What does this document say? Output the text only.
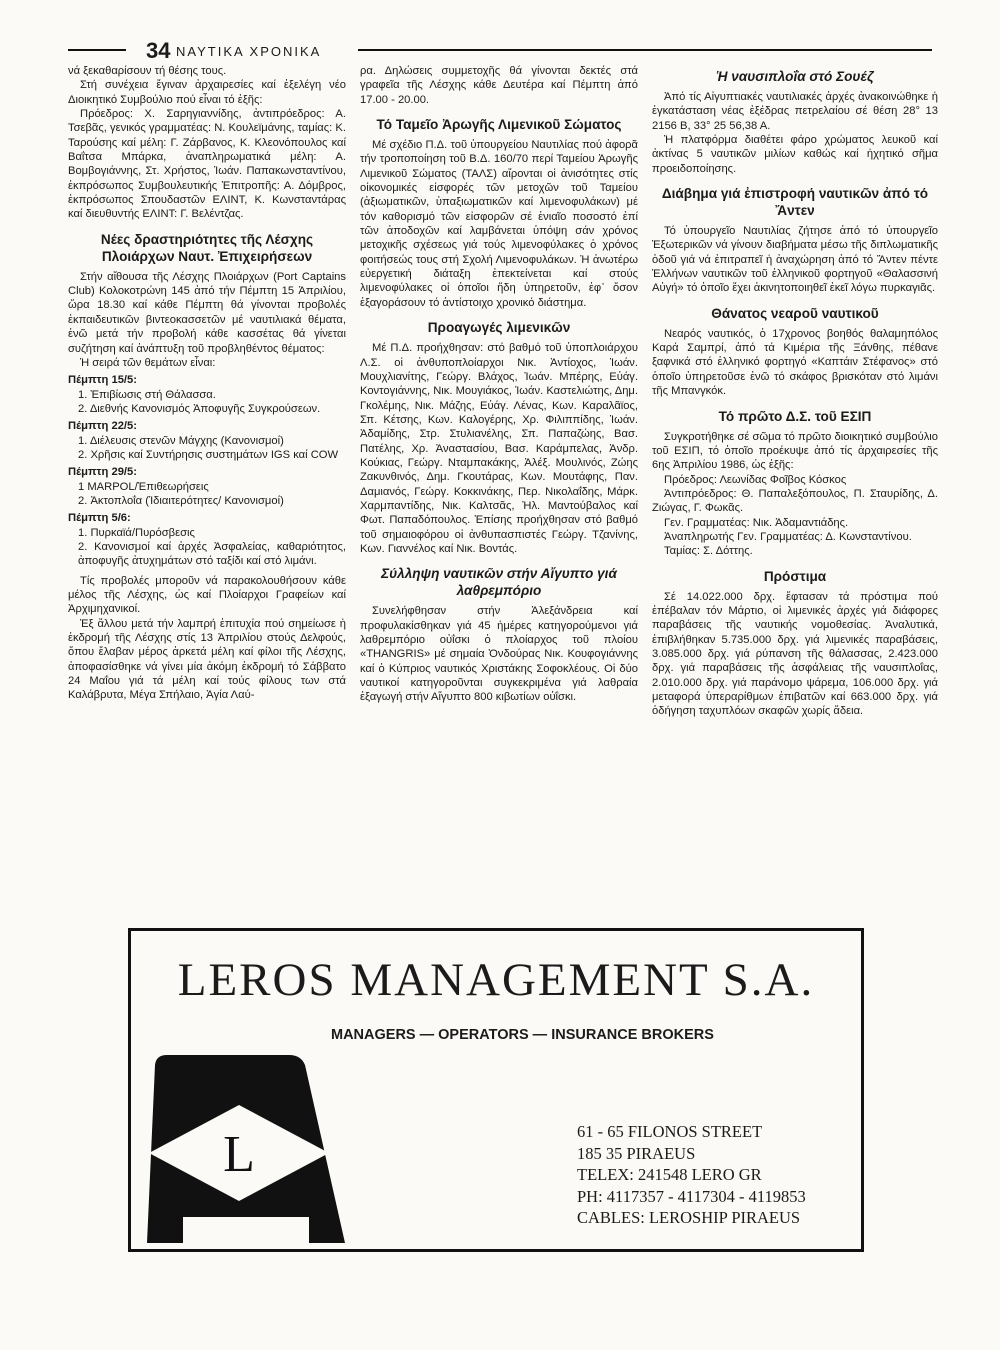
34 ΝΑΥΤΙΚΑ ΧΡΟΝΙΚΑ

νά ξεκαθαρίσουν τή θέσης τους.

Στή συνέχεια ἔγιναν ἀρχαιρεσίες καί ἐξελέγη νέο Διοικητικό Συμβούλιο πού εἶναι τό ἑξῆς:

Πρόεδρος: Χ. Σαρηγιαννίδης, ἀντιπρόεδρος: Α. Τσεβᾶς, γενικός γραμματέας: Ν. Κουλεϊμάνης, ταμίας: Κ. Ταρούσης καί μέλη: Γ. Ζάρβανος, Κ. Κλεονόπουλος καί Βαΐτσα Μπάρκα, ἀναπληρωματικά μέλη: Α. Βομβογιάννης, Στ. Χρήστος, Ἰωάν. Παπακωνσταντίνου, ἐκπρόσωπος Συμβουλευτικής Ἐπιτροπῆς: Α. Δόμβρος, ἐκπρόσωπος Σπουδαστῶν ΕΛΙΝΤ, Κ. Κωνσταντάρας καί διευθυντής ΕΛΙΝΤ: Γ. Βελέντζας.

Νέες δραστηριότητες τῆς Λέσχης Πλοιάρχων Ναυτ. Ἐπιχειρήσεων

Στήν αἴθουσα τῆς Λέσχης Πλοιάρχων (Port Captains Club) Κολοκοτρώνη 145 ἀπό τήν Πέμπτη 15 Ἀπριλίου, ὥρα 18.30 καί κάθε Πέμπτη θά γίνονται προβολές ἐκπαιδευτικῶν βιντεοκασσετῶν μέ ναυτιλιακά θέματα, ἐνῶ μετά τήν προβολή κάθε κασσέτας θά γίνεται συζήτηση καί ἀνάπτυξη τοῦ προβληθέντος θέματος:

Ἡ σειρά τῶν θεμάτων εἶναι:

Πέμπτη 15/5:

1. Ἐπιβίωσις στή Θάλασσα.

2. Διεθνής Κανονισμός Ἀποφυγῆς Συγκρούσεων.

Πέμπτη 22/5:

1. Διέλευσις στενῶν Μάγχης (Κανονισμοί)

2. Χρῆσις καί Συντήρησις συστημάτων IGS καί COW

Πέμπτη 29/5:

1 MARPOL/Ἐπιθεωρήσεις

2. Ἀκτοπλοΐα (Ἰδιαιτερότητες/ Κανονισμοί)

Πέμπτη 5/6:

1. Πυρκαϊά/Πυρόσβεσις

2. Κανονισμοί καί ἀρχές Ἀσφαλείας, καθαριότητος, ἀποφυγῆς ἀτυχημάτων στό ταξίδι καί στό λιμάνι.

Τίς προβολές μποροῦν νά παρακολουθήσουν κάθε μέλος τῆς Λέσχης, ὡς καί Πλοίαρχοι Γραφείων καί Ἀρχιμηχανικοί.

Ἐξ ἄλλου μετά τήν λαμπρή ἐπιτυχία πού σημείωσε ἡ ἐκδρομή τῆς Λέσχης στίς 13 Ἀπριλίου στούς Δελφούς, ὅπου ἔλαβαν μέρος ἀρκετά μέλη καί φίλοι τῆς Λέσχης, ἀποφασίσθηκε νά γίνει μία ἀκόμη ἐκδρομή τό Σάββατο 24 Μαΐου γιά τά μέλη καί τούς φίλους των στά Καλάβρυτα, Μέγα Σπήλαιο, Ἁγία Λαύ-

ρα. Δηλώσεις συμμετοχῆς θά γίνονται δεκτές στά γραφεῖα τῆς Λέσχης κάθε Δευτέρα καί Πέμπτη ἀπό 17.00 - 20.00.

Τό Ταμεῖο Ἀρωγῆς Λιμενικοῦ Σώματος

Μέ σχέδιο Π.Δ. τοῦ ὑπουργείου Ναυτιλίας πού ἀφορᾶ τήν τροποποίηση τοῦ Β.Δ. 160/70 περί Ταμείου Ἀρωγῆς Λιμενικοῦ Σώματος (ΤΑΛΣ) αἴρονται οἱ ἀνισότητες στίς οἰκονομικές εἰσφορές τῶν μετοχῶν τοῦ Ταμείου (ἀξιωματικῶν, ὑπαξιωματικῶν καί λιμενοφυλάκων) μέ τόν καθορισμό τῶν εἰσφορῶν σέ ἑνιαῖο ποσοστό ἐπί τῶν ἀποδοχῶν καί λαμβάνεται ὑπόψη σάν χρόνος μετοχικῆς σχέσεως γιά τούς λιμενοφύλακες ὁ χρόνος φοιτήσεώς τους στή Σχολή Λιμενοφυλάκων. Ἡ ἀνωτέρω εὐεργετική διάταξη ἐπεκτείνεται καί στούς λιμενοφύλακες οἱ ὁποῖοι ἤδη ὑπηρετοῦν, ἐφ᾽ ὅσον ἐξαγοράσουν τό ἀντίστοιχο χρονικό διάστημα.

Προαγωγές λιμενικῶν

Μέ Π.Δ. προήχθησαν: στό βαθμό τοῦ ὑποπλοιάρχου Λ.Σ. οἱ ἀνθυποπλοίαρχοι Νικ. Ἀντίοχος, Ἰωάν. Μουχλιανίτης, Γεώργ. Βλάχος, Ἰωάν. Μπέρης, Εὐάγ. Κοντογιάννης, Νικ. Μουγιάκος, Ἰωάν. Καστελιώτης, Δημ. Γκολέμης, Νικ. Μάζης, Εὐάγ. Λένας, Κων. Καραλᾶϊος, Σπ. Κέτσης, Κων. Καλογέρης, Χρ. Φιλιππίδης, Ἰωάν. Ἀδαμίδης, Στρ. Στυλιανέλης, Σπ. Παπαζώης, Βασ. Πατέλης, Χρ. Ἀναστασίου, Βασ. Καράμπελας, Ἀνδρ. Κούκιας, Γεώργ. Νταμπακάκης, Ἀλέξ. Μουλινός, Ζώης Ζακυνθινός, Δημ. Γκουτάρας, Κων. Μουτάφης, Παν. Δαμιανός, Γεώργ. Κοκκινάκης, Περ. Νικολαΐδης, Μάρκ. Χαρμπαντίδης, Νικ. Καλτσᾶς, Ἠλ. Μαντούβαλος καί Φωτ. Παπαδόπουλος. Ἐπίσης προήχθησαν στό βαθμό τοῦ σημαιοφόρου οἱ ἀνθυπασπιστές Γεώργ. Τζανίνης, Κων. Γιαννέλος καί Νικ. Βοντάς.

Σύλληψη ναυτικῶν στήν Αἴγυπτο γιά λαθρεμπόριο

Συνελήφθησαν στήν Ἀλεξάνδρεια καί προφυλακίσθηκαν γιά 45 ἡμέρες κατηγορούμενοι γιά λαθρεμπόριο οὐΐσκι ὁ πλοίαρχος τοῦ πλοίου «THANGRIS» μέ σημαία Ὀνδούρας Νικ. Κουφογιάννης καί ὁ Κύπριος ναυτικός Χριστάκης Σοφοκλέους. Οἱ δύο ναυτικοί κατηγοροῦνται συγκεκριμένα γιά λαθραία ἐξαγωγή στήν Αἴγυπτο 800 κιβωτίων οὐΐσκι.

Ἡ ναυσιπλοΐα στό Σουέζ

Ἀπό τίς Αἰγυπτιακές ναυτιλιακές ἀρχές ἀνακοινώθηκε ἡ ἐγκατάσταση νέας ἐξέδρας πετρελαίου σέ θέση 28° 13 2156 Β, 33° 25 56,38 Α.

Ἡ πλατφόρμα διαθέτει φάρο χρώματος λευκοῦ καί ἀκτίνας 5 ναυτικῶν μιλίων καθώς καί ἠχητικό σῆμα προειδοποίησης.

Διάβημα γιά ἐπιστροφή ναυτικῶν ἀπό τό Ἄντεν

Τό ὑπουργεῖο Ναυτιλίας ζήτησε ἀπό τό ὑπουργεῖο Ἐξωτερικῶν νά γίνουν διαβήματα μέσω τῆς διπλωματικῆς ὁδοῦ γιά νά ἐπιτραπεῖ ἡ ἀναχώρηση ἀπό τό Ἄντεν πέντε Ἑλλήνων ναυτικῶν τοῦ ἑλληνικοῦ φορτηγοῦ «Θαλασσινή Αὐγή» τό ὁποῖο ἔχει ἀκινητοποιηθεῖ ἐκεῖ λόγω πυρκαγιᾶς.

Θάνατος νεαροῦ ναυτικοῦ

Νεαρός ναυτικός, ὁ 17χρονος βοηθός θαλαμηπόλος Καρά Σαμπρί, ἀπό τά Κιμέρια τῆς Ξάνθης, πέθανε ξαφνικά στό ἑλληνικό φορτηγό «Καπτάιν Στέφανος» στό ὁποῖο ὑπηρετοῦσε ἐνῶ τό σκάφος βρισκόταν στό λιμάνι τῆς Μπανγκόκ.

Τό πρῶτο Δ.Σ. τοῦ ΕΣΙΠ

Συγκροτήθηκε σέ σῶμα τό πρῶτο διοικητικό συμβούλιο τοῦ ΕΣΙΠ, τό ὁποῖο προέκυψε ἀπό τίς ἀρχαιρεσίες τῆς 6ης Ἀπριλίου 1986, ὡς ἑξῆς:

Πρόεδρος: Λεωνίδας Φοῖβος Κόσκος

Ἀντιπρόεδρος: Θ. Παπαλεξόπουλος, Π. Σταυρίδης, Δ. Ζιώγας, Γ. Φωκᾶς.

Γεν. Γραμματέας: Νικ. Ἀδαμαντιάδης.

Ἀναπληρωτής Γεν. Γραμματέας: Δ. Κωνσταντίνου.

Ταμίας: Σ. Δόττης.

Πρόστιμα

Σέ 14.022.000 δρχ. ἔφτασαν τά πρόστιμα πού ἐπέβαλαν τόν Μάρτιο, οἱ λιμενικές ἀρχές γιά διάφορες παραβάσεις τῆς ναυτικής νομοθεσίας. Ἀναλυτικά, ἐπιβλήθηκαν 5.735.000 δρχ. γιά λιμενικές παραβάσεις, 3.085.000 δρχ. γιά ρύπανση τῆς θάλασσας, 2.423.000 δρχ. γιά παραβάσεις τῆς ἀσφάλειας τῆς ναυσιπλοΐας, 2.010.000 δρχ. γιά παράνομο ψάρεμα, 106.000 δρχ. γιά μεταφορά ὑπεραρίθμων ἐπιβατῶν καί 663.000 δρχ. γιά ὁδήγηση ταχυπλόων σκαφῶν χωρίς ἄδεια.

LEROS MANAGEMENT S.A.
MANAGERS — OPERATORS — INSURANCE BROKERS
L	61 - 65 FILONOS STREET
185 35 PIRAEUS
TELEX: 241548 LERO GR
PH: 4117357 - 4117304 - 4119853
CABLES: LEROSHIP PIRAEUS
